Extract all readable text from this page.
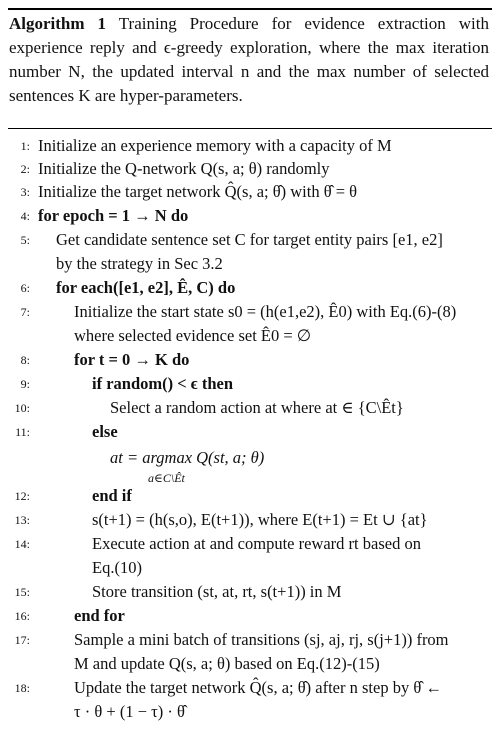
Algorithm 1 Training Procedure for evidence extraction with experience reply and ϵ-greedy exploration, where the max iteration number N, the updated interval n and the max number of selected sentences K are hyper-parameters.
1: Initialize an experience memory with a capacity of M
2: Initialize the Q-network Q(s, a; θ) randomly
3: Initialize the target network Q̂(s, a; θ̂) with θ̂ = θ
4: for epoch = 1 → N do
5: Get candidate sentence set C for target entity pairs [e1, e2]
by the strategy in Sec 3.2
6: for each([e1, e2], Ê, C) do
7:	Initialize the start state s0 = (h(e1,e2), Ê0) with Eq.(6)-(8)
where selected evidence set Ê0 = ∅
8:	for t = 0 → K do
9:	if random() < ϵ then
10:	Select a random action at where at ∈ {C\Êt}
11:	else
at = argmax Q(st, a; θ)
a∈C\Êt
12:	end if
13:	s(t+1) = (h(s,o), E(t+1)), where E(t+1) = Et ∪ {at}
14:	Execute action at and compute reward rt based on
Eq.(10)
15:	Store transition (st, at, rt, s(t+1)) in M
16:	end for
17:	Sample a mini batch of transitions (sj, aj, rj, s(j+1)) from
M and update Q(s, a; θ) based on Eq.(12)-(15)
18:	Update the target network Q̂(s, a; θ̂) after n step by θ̂ ←
τ · θ + (1 − τ) · θ̂
